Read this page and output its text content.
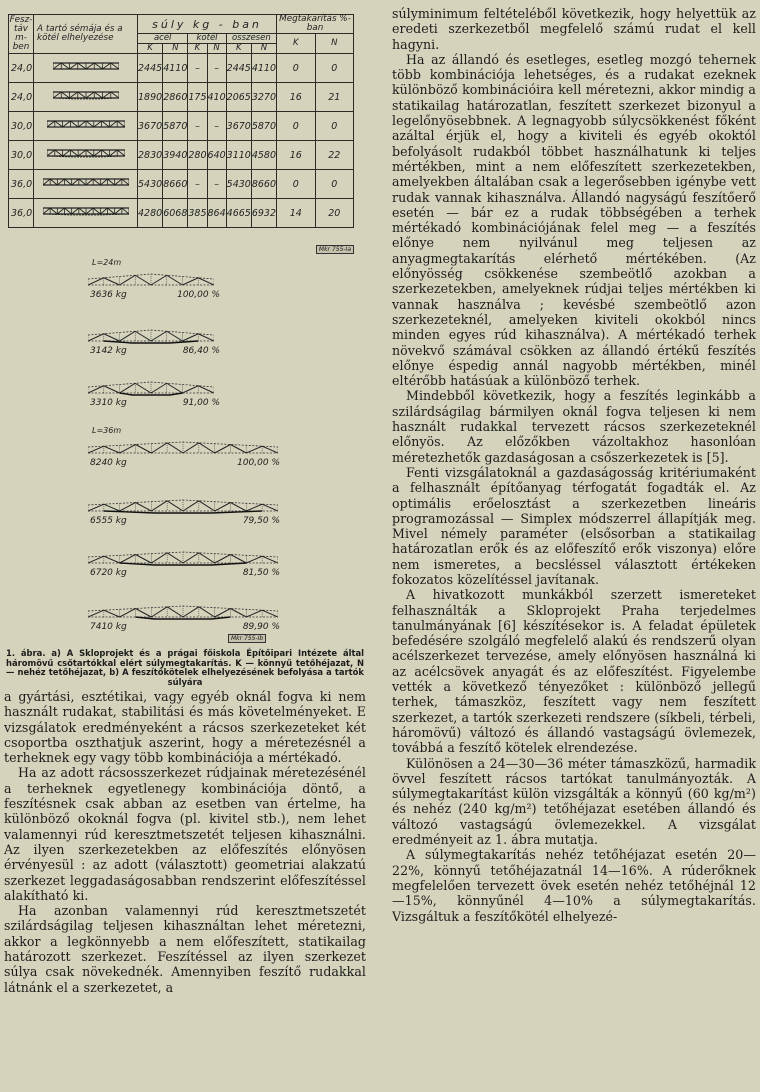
Fesz-táv m-ben	A tartó sémája és a kötél elhelyezése	súly kg - ban						Megtakarítás %-ban	
		acél		kötél		összesen		K	N
		K	N	K	N	K	N		
24,0		2445	4110	–	–	2445	4110	0	0
24,0		1890	2860	175	410	2065	3270	16	21
30,0		3670	5870	–	–	3670	5870	0	0
30,0		2830	3940	280	640	3110	4580	16	22
36,0		5430	8660	–	–	5430	8660	0	0
36,0		4280	6068	385	864	4665	6932	14	20
Mkr 755-Ia
L=24m
3636 kg	100,00 %
3142 kg	86,40 %
3310 kg	91,00 %
L=36m
8240 kg	100,00 %
6555 kg	79,50 %
6720 kg	81,50 %
7410 kg	89,90 %
Mkr 755-Ib
1. ábra. a) A Skloprojekt és a prágai főiskola Építőipari Intézete által háromövű csőtartókkal elért súlymegtakarítás. K — könnyű tetőhéjazat, N — nehéz tetőhéjazat, b) A feszítőkötelek elhelyezésének befolyása a tartók súlyára

a gyártási, esztétikai, vagy egyéb oknál fogva ki nem használt rudakat, stabilitási és más követelményeket. E vizsgálatok eredményeként a rácsos szerkezeteket két csoportba oszthatjuk aszerint, hogy a méretezésnél a terheknek egy vagy több kombinációja a mértékadó.

Ha az adott rácsosszerkezet rúdjainak méretezésénél a terheknek egyetlenegy kombinációja döntő, a feszítésnek csak abban az esetben van értelme, ha különböző okoknál fogva (pl. kivitel stb.), nem lehet valamennyi rúd keresztmetszetét teljesen kihasználni. Az ilyen szerkezetekben az előfeszítés előnyösen érvényesül : az adott (választott) geometriai alakzatú szerkezet leggadaságosabban rendszerint előfeszítéssel alakítható ki.

Ha azonban valamennyi rúd keresztmetszetét szilárdságilag teljesen kihasználtan lehet méretezni, akkor a legkönnyebb a nem előfeszített, statikailag határozott szerkezet. Feszítéssel az ilyen szerkezet súlya csak növekednék. Amennyiben feszítő rudakkal látnánk el a szerkezetet, a

súlyminimum feltételéből következik, hogy helyettük az eredeti szerkezetből megfelelő számú rudat el kell hagyni.

Ha az állandó és esetleges, esetleg mozgó tehernek több kombinációja lehetséges, és a rudakat ezeknek különböző kombinációira kell méretezni, akkor mindig a statikailag határozatlan, feszített szerkezet bizonyul a legelőnyösebbnek. A legnagyobb súlycsökkenést főként azáltal érjük el, hogy a kiviteli és egyéb okoktól befolyásolt rudakból többet használhatunk ki teljes mértékben, mint a nem előfeszített szerkezetekben, amelyekben általában csak a legerősebben igénybe vett rudak vannak kihasználva. Állandó nagyságú feszítőerő esetén — bár ez a rudak többségében a terhek mértékadó kombinációjának felel meg — a feszítés előnye nem nyilvánul meg teljesen az anyagmegtakarítás elérhető mértékében. (Az előnyösség csökkenése szembeötlő azokban a szerkezetekben, amelyeknek rúdjai teljes mértékben ki vannak használva ; kevésbé szembeötlő azon szerkezeteknél, amelyeken kiviteli okokból nincs minden egyes rúd kihasználva). A mértékadó terhek növekvő számával csökken az állandó értékű feszítés előnye éspedig annál nagyobb mértékben, minél eltérőbb hatásúak a különböző terhek.

Mindebből következik, hogy a feszítés leginkább a szilárdságilag bármilyen oknál fogva teljesen ki nem használt rudakkal tervezett rácsos szerkezeteknél előnyös. Az előzőkben vázoltakhoz hasonlóan méretezhetők gazdaságosan a csőszerkezetek is [5].

Fenti vizsgálatoknál a gazdaságosság kritériumaként a felhasznált építőanyag térfogatát fogadták el. Az optimális erőelosztást a szerkezetben lineáris programozással — Simplex módszerrel állapítják meg. Mivel némely paraméter (elsősorban a statikailag határozatlan erők és az előfeszítő erők viszonya) előre nem ismeretes, a becsléssel választott értékeken fokozatos közelítéssel javítanak.

A hivatkozott munkákból szerzett ismereteket felhasználták a Skloprojekt Praha terjedelmes tanulmányának [6] készítésekor is. A feladat épületek befedésére szolgáló megfelelő alakú és rendszerű olyan acélszerkezet tervezése, amely előnyösen használná ki az acélcsövek anyagát és az előfeszítést. Figyelembe vették a következő tényezőket : különböző jellegű terhek, támaszköz, feszített vagy nem feszített szerkezet, a tartók szerkezeti rendszere (síkbeli, térbeli, háromövű) változó és állandó vastagságú övlemezek, továbbá a feszítő kötelek elrendezése.

Különösen a 24—30—36 méter támaszközű, harmadik övvel feszített rácsos tartókat tanulmányozták. A súlymegtakarítást külön vizsgálták a könnyű (60 kg/m²) és nehéz (240 kg/m²) tetőhéjazat esetében állandó és változó vastagságú övlemezekkel. A vizsgálat eredményeit az 1. ábra mutatja.

A súlymegtakarítás nehéz tetőhéjazat esetén 20—22%, könnyű tetőhéjazatnál 14—16%. A rúderőknek megfelelően tervezett övek esetén nehéz tetőhéjnál 12—15%, könnyűnél 4—10% a súlymegtakarítás. Vizsgáltuk a feszítőkötél elhelyezé-
